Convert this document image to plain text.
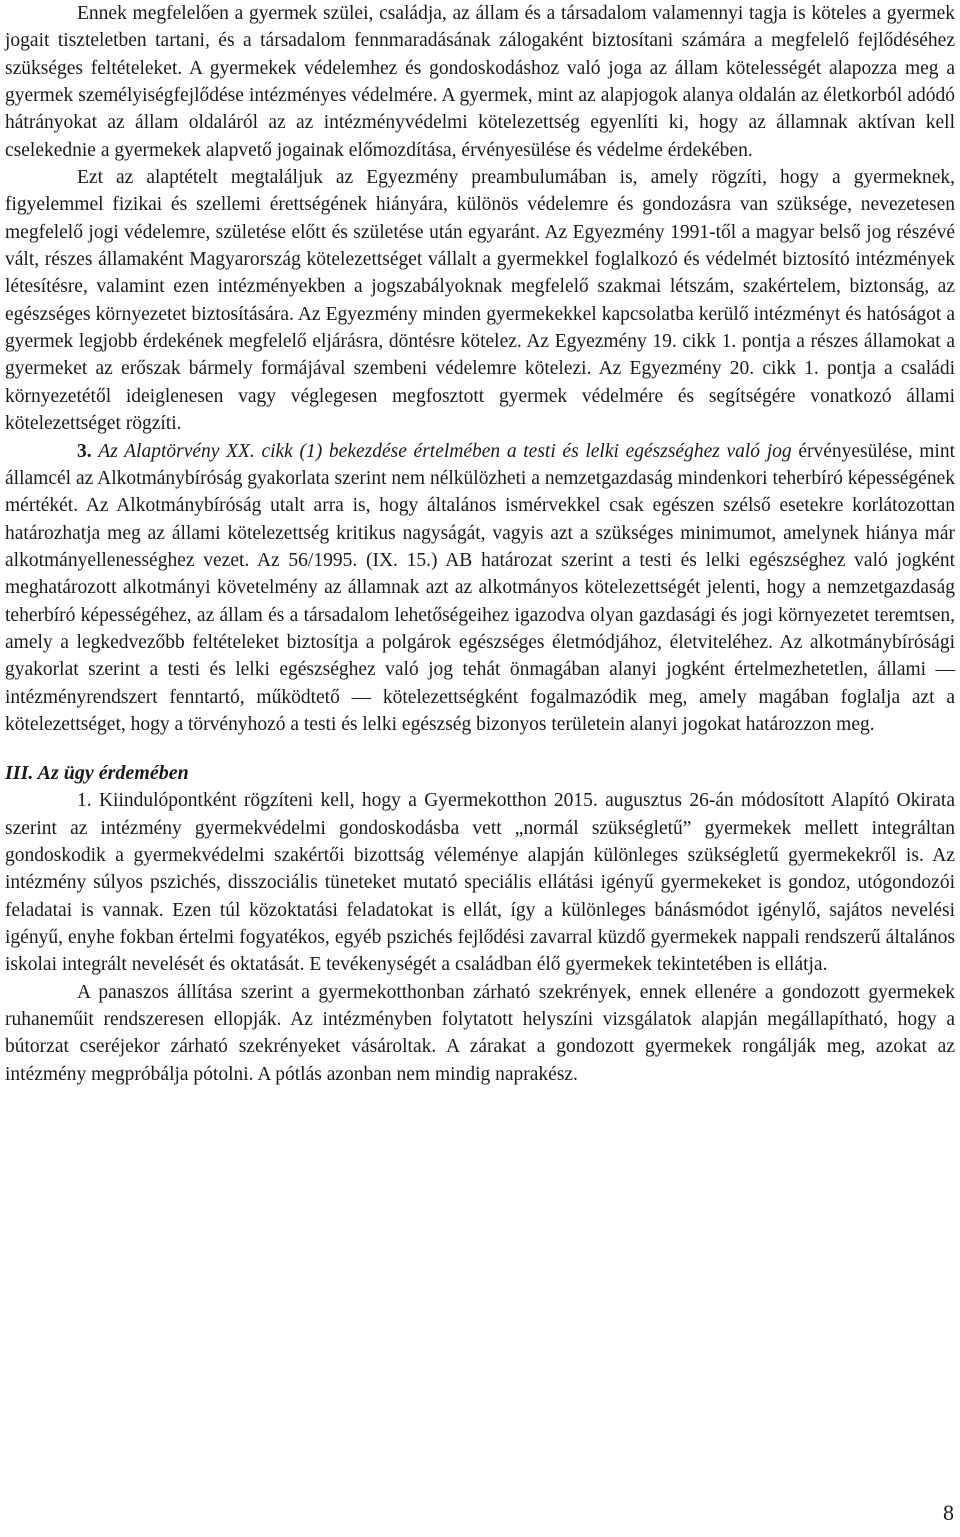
Ennek megfelelően a gyermek szülei, családja, az állam és a társadalom valamennyi tagja is köteles a gyermek jogait tiszteletben tartani, és a társadalom fennmaradásának zálogaként biztosítani számára a megfelelő fejlődéséhez szükséges feltételeket. A gyermekek védelemhez és gondoskodáshoz való joga az állam kötelességét alapozza meg a gyermek személyiségfejlődése intézményes védelmére. A gyermek, mint az alapjogok alanya oldalán az életkorból adódó hátrányokat az állam oldaláról az az intézményvédelmi kötelezettség egyenlíti ki, hogy az államnak aktívan kell cselekednie a gyermekek alapvető jogainak előmozdítása, érvényesülése és védelme érdekében.

Ezt az alaptételt megtaláljuk az Egyezmény preambulumában is, amely rögzíti, hogy a gyermeknek, figyelemmel fizikai és szellemi érettségének hiányára, különös védelemre és gondozásra van szüksége, nevezetesen megfelelő jogi védelemre, születése előtt és születése után egyaránt. Az Egyezmény 1991-től a magyar belső jog részévé vált, részes államaként Magyarország kötelezettséget vállalt a gyermekkel foglalkozó és védelmét biztosító intézmények létesítésre, valamint ezen intézményekben a jogszabályoknak megfelelő szakmai létszám, szakértelem, biztonság, az egészséges környezetet biztosítására. Az Egyezmény minden gyermekekkel kapcsolatba kerülő intézményt és hatóságot a gyermek legjobb érdekének megfelelő eljárásra, döntésre kötelez. Az Egyezmény 19. cikk 1. pontja a részes államokat a gyermeket az erőszak bármely formájával szembeni védelemre kötelezi. Az Egyezmény 20. cikk 1. pontja a családi környezetétől ideiglenesen vagy véglegesen megfosztott gyermek védelmére és segítségére vonatkozó állami kötelezettséget rögzíti.

3. Az Alaptörvény XX. cikk (1) bekezdése értelmében a testi és lelki egészséghez való jog érvényesülése, mint államcél az Alkotmánybíróság gyakorlata szerint nem nélkülözheti a nemzetgazdaság mindenkori teherbíró képességének mértékét. Az Alkotmánybíróság utalt arra is, hogy általános ismérvekkel csak egészen szélső esetekre korlátozottan határozhatja meg az állami kötelezettség kritikus nagyságát, vagyis azt a szükséges minimumot, amelynek hiánya már alkotmányellenességhez vezet. Az 56/1995. (IX. 15.) AB határozat szerint a testi és lelki egészséghez való jogként meghatározott alkotmányi követelmény az államnak azt az alkotmányos kötelezettségét jelenti, hogy a nemzetgazdaság teherbíró képességéhez, az állam és a társadalom lehetőségeihez igazodva olyan gazdasági és jogi környezetet teremtsen, amely a legkedvezőbb feltételeket biztosítja a polgárok egészséges életmódjához, életviteléhez. Az alkotmánybírósági gyakorlat szerint a testi és lelki egészséghez való jog tehát önmagában alanyi jogként értelmezhetetlen, állami — intézményrendszert fenntartó, működtető — kötelezettségként fogalmazódik meg, amely magában foglalja azt a kötelezettséget, hogy a törvényhozó a testi és lelki egészség bizonyos területein alanyi jogokat határozzon meg.

III. Az ügy érdemében

1. Kiindulópontként rögzíteni kell, hogy a Gyermekotthon 2015. augusztus 26-án módosított Alapító Okirata szerint az intézmény gyermekvédelmi gondoskodásba vett „normál szükségletű” gyermekek mellett integráltan gondoskodik a gyermekvédelmi szakértői bizottság véleménye alapján különleges szükségletű gyermekekről is. Az intézmény súlyos pszichés, disszociális tüneteket mutató speciális ellátási igényű gyermekeket is gondoz, utógondozói feladatai is vannak. Ezen túl közoktatási feladatokat is ellát, így a különleges bánásmódot igénylő, sajátos nevelési igényű, enyhe fokban értelmi fogyatékos, egyéb pszichés fejlődési zavarral küzdő gyermekek nappali rendszerű általános iskolai integrált nevelését és oktatását. E tevékenységét a családban élő gyermekek tekintetében is ellátja.

A panaszos állítása szerint a gyermekotthonban zárható szekrények, ennek ellenére a gondozott gyermekek ruhaneműit rendszeresen ellopják. Az intézményben folytatott helyszíni vizsgálatok alapján megállapítható, hogy a bútorzat cseréjekor zárható szekrényeket vásároltak. A zárakat a gondozott gyermekek rongálják meg, azokat az intézmény megpróbálja pótolni. A pótlás azonban nem mindig naprakész.

8
